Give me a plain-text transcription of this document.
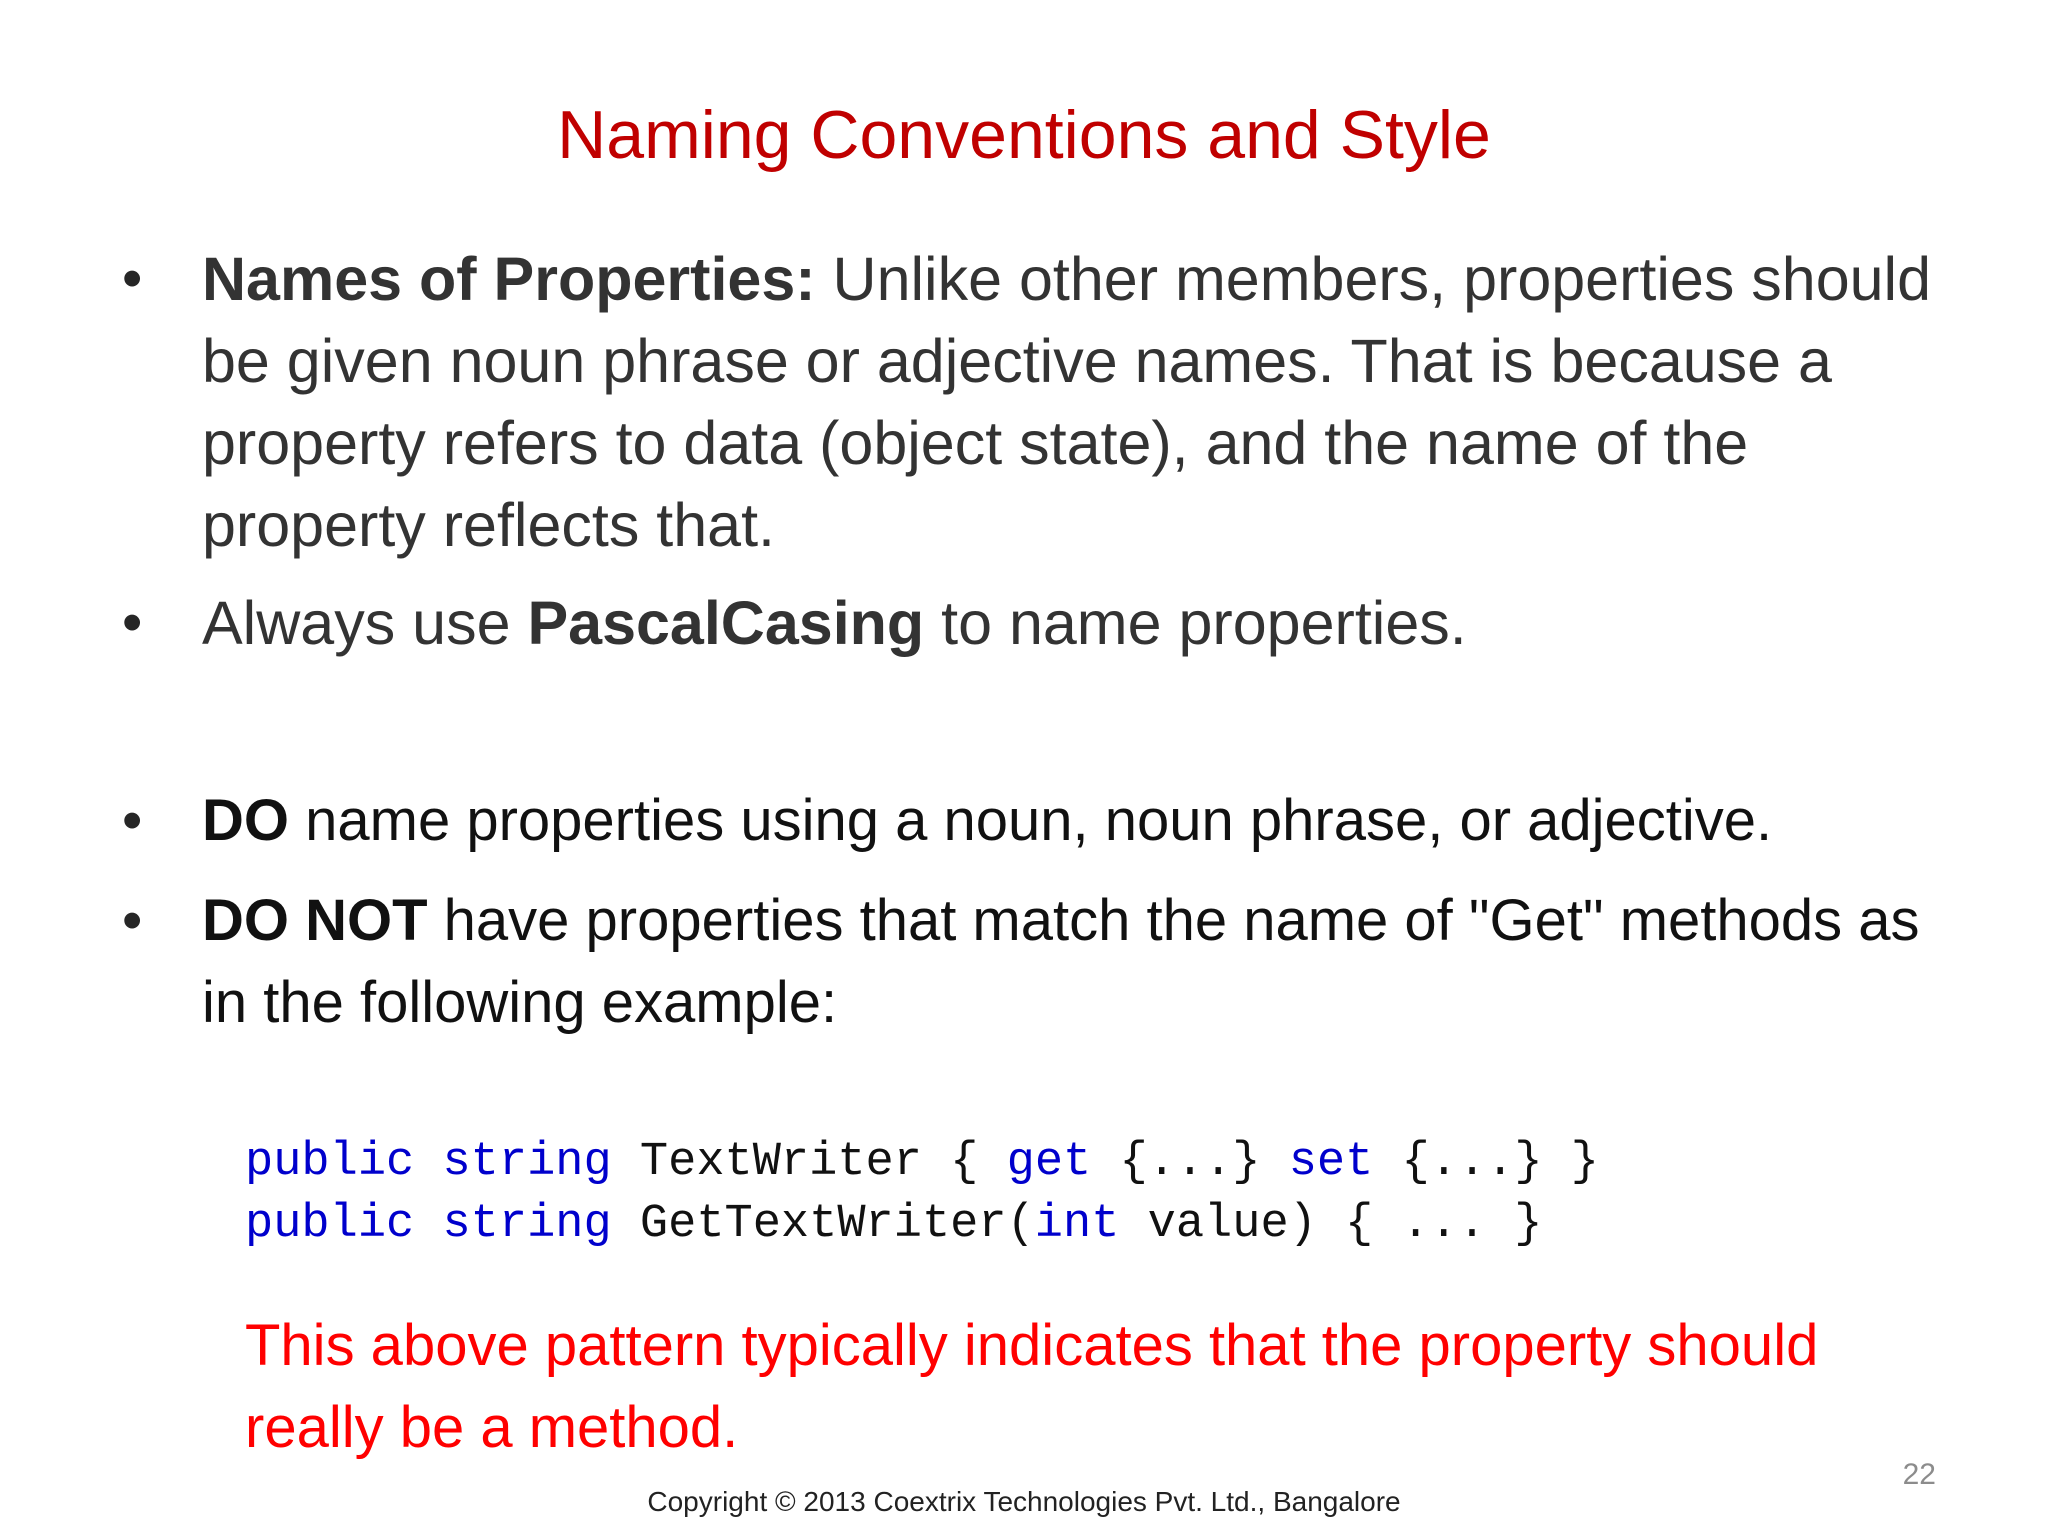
Naming Conventions and Style
• Names of Properties: Unlike other members, properties should be given noun phrase or adjective names. That is because a property refers to data (object state), and the name of the property reflects that.
• Always use PascalCasing to name properties.
•	DO name properties using a noun, noun phrase, or adjective.
•	DO NOT have properties that match the name of "Get" methods as in the following example:
public string TextWriter { get {...} set {...} }
public string GetTextWriter(int value) { ... }
This above pattern typically indicates that the property should really be a method.
22
Copyright © 2013 Coextrix Technologies Pvt. Ltd., Bangalore
